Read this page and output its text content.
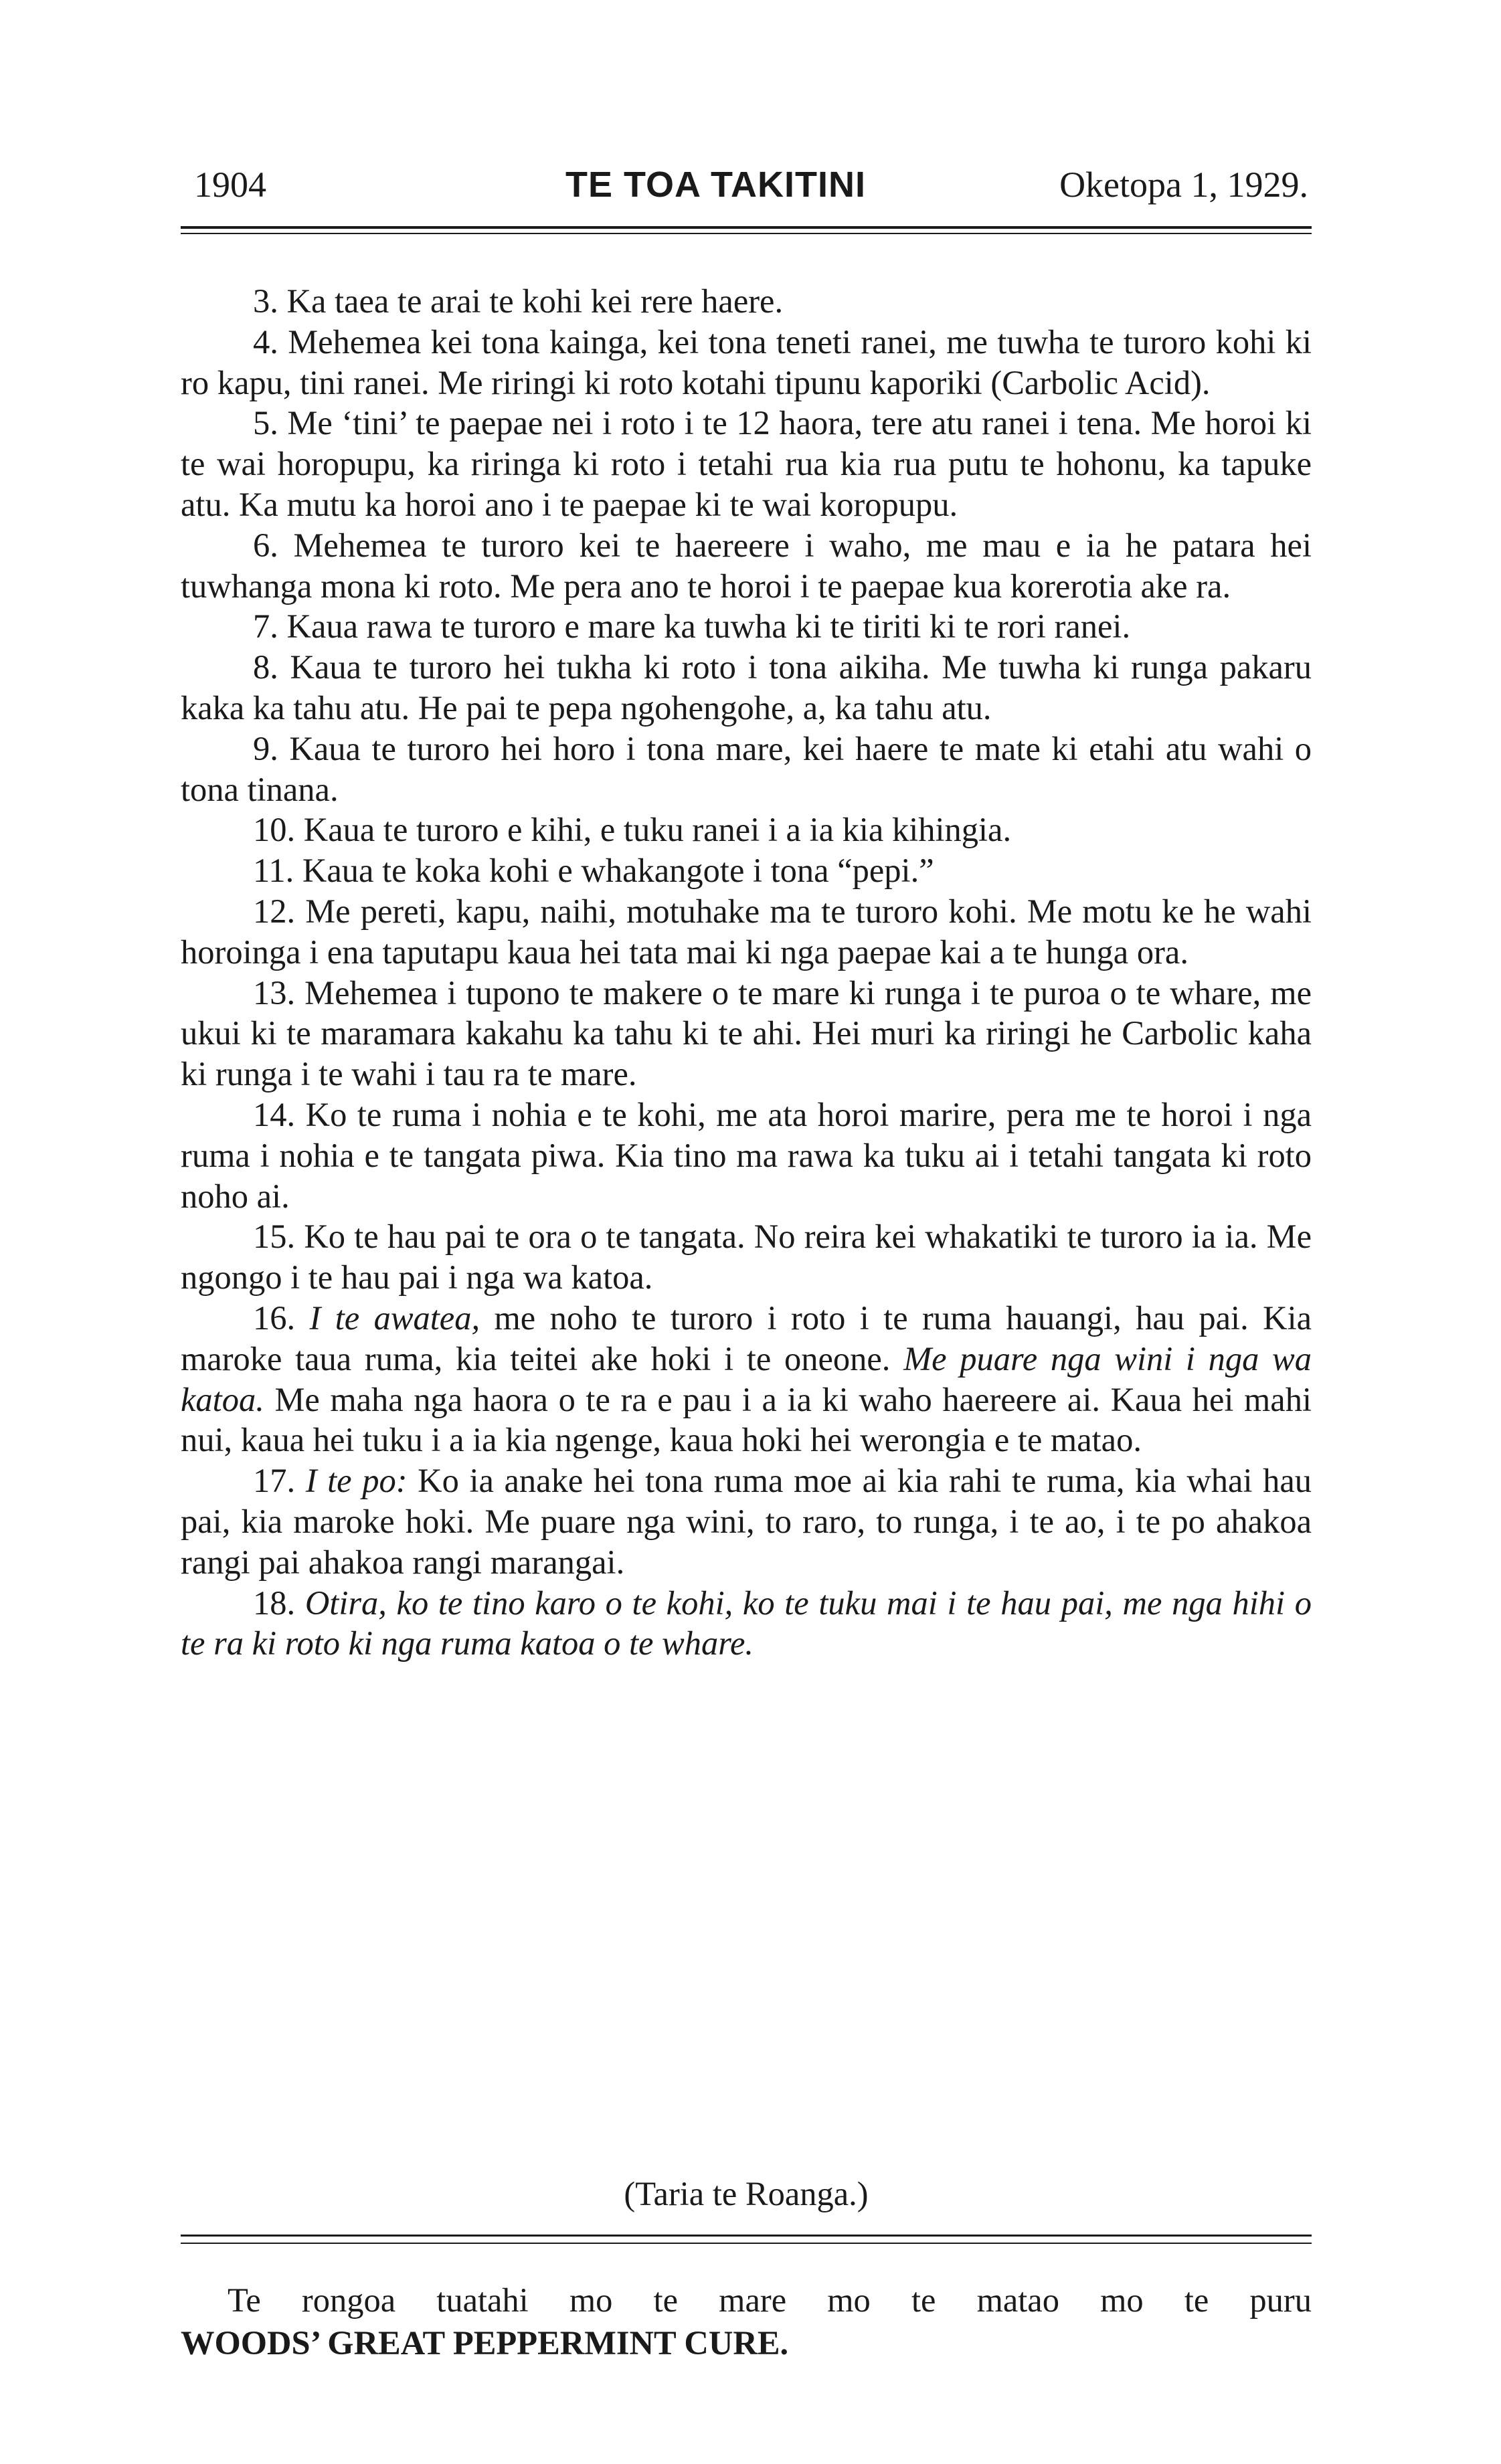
1904	TE TOA TAKITINI	Oketopa 1, 1929.

3. Ka taea te arai te kohi kei rere haere.

4. Mehemea kei tona kainga, kei tona teneti ranei, me tuwha te turoro kohi ki ro kapu, tini ranei. Me riringi ki roto kotahi tipunu kaporiki (Carbolic Acid).

5. Me ‘tini’ te paepae nei i roto i te 12 haora, tere atu ranei i tena. Me horoi ki te wai horopupu, ka riringa ki roto i tetahi rua kia rua putu te hohonu, ka tapuke atu. Ka mutu ka horoi ano i te paepae ki te wai koropupu.

6. Mehemea te turoro kei te haereere i waho, me mau e ia he patara hei tuwhanga mona ki roto. Me pera ano te horoi i te paepae kua korerotia ake ra.

7. Kaua rawa te turoro e mare ka tuwha ki te tiriti ki te rori ranei.

8. Kaua te turoro hei tukha ki roto i tona aikiha. Me tuwha ki runga pakaru kaka ka tahu atu. He pai te pepa ngohengohe, a, ka tahu atu.

9. Kaua te turoro hei horo i tona mare, kei haere te mate ki etahi atu wahi o tona tinana.

10. Kaua te turoro e kihi, e tuku ranei i a ia kia kihingia.

11. Kaua te koka kohi e whakangote i tona “pepi.”

12. Me pereti, kapu, naihi, motuhake ma te turoro kohi. Me motu ke he wahi horoinga i ena taputapu kaua hei tata mai ki nga paepae kai a te hunga ora.

13. Mehemea i tupono te makere o te mare ki runga i te puroa o te whare, me ukui ki te maramara kakahu ka tahu ki te ahi. Hei muri ka riringi he Carbolic kaha ki runga i te wahi i tau ra te mare.

14. Ko te ruma i nohia e te kohi, me ata horoi marire, pera me te horoi i nga ruma i nohia e te tangata piwa. Kia tino ma rawa ka tuku ai i tetahi tangata ki roto noho ai.

15. Ko te hau pai te ora o te tangata. No reira kei whakatiki te turoro ia ia. Me ngongo i te hau pai i nga wa katoa.

16. I te awatea, me noho te turoro i roto i te ruma hauangi, hau pai. Kia maroke taua ruma, kia teitei ake hoki i te oneone. Me puare nga wini i nga wa katoa. Me maha nga haora o te ra e pau i a ia ki waho haereere ai. Kaua hei mahi nui, kaua hei tuku i a ia kia ngenge, kaua hoki hei werongia e te matao.

17. I te po: Ko ia anake hei tona ruma moe ai kia rahi te ruma, kia whai hau pai, kia maroke hoki. Me puare nga wini, to raro, to runga, i te ao, i te po ahakoa rangi pai ahakoa rangi marangai.

18. Otira, ko te tino karo o te kohi, ko te tuku mai i te hau pai, me nga hihi o te ra ki roto ki nga ruma katoa o te whare.

(Taria te Roanga.)

Te rongoa tuatahi mo te mare mo te matao mo te puru

WOODS’ GREAT PEPPERMINT CURE.
